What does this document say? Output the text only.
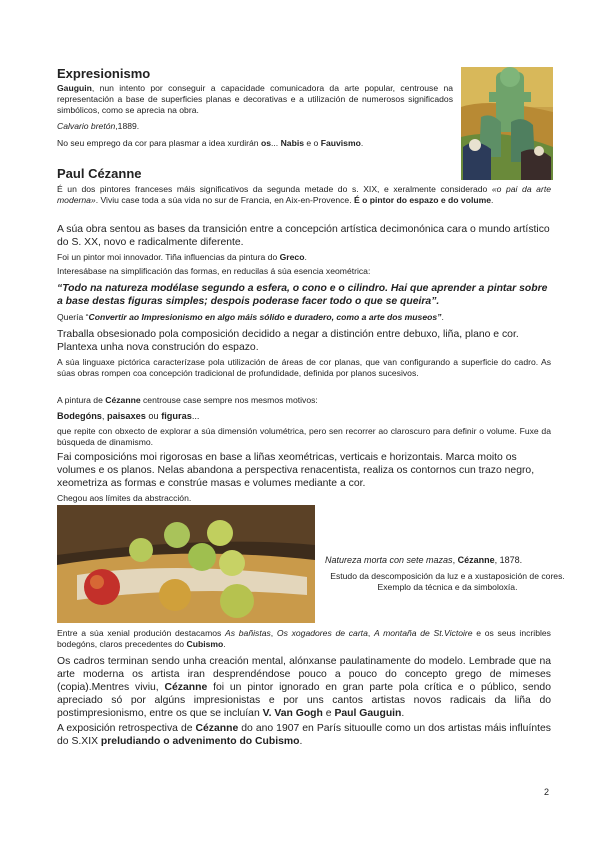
Expresionismo

Gauguin, nun intento por conseguir a capacidade comunicadora da arte popular, centrouse na representación a base de superficies planas e decorativas e a utilización de numerosos significados simbólicos, como se aprecia na obra.

Calvario bretón,1889.

No seu emprego da cor para plasmar a idea xurdirán os... Nabis e o Fauvismo.

Paul Cézanne

É un dos pintores franceses máis significativos da segunda metade do s. XIX, e xeralmente considerado «o pai da arte moderna». Viviu case toda a súa vida no sur de Francia, en Aix-en-Provence. É o pintor do espazo e do volume.

A súa obra sentou as bases da transición entre a concepción artística decimonónica cara o mundo artístico do S. XX, novo e radicalmente diferente.

Foi un pintor moi innovador. Tiña influencias da pintura do Greco.

Interesábase na simplificación das formas, en reducilas á súa esencia xeométrica:

“Todo na natureza modélase segundo a esfera, o cono e o cilindro. Hai que aprender a pintar sobre a base destas figuras simples; despois poderase facer todo o que se queira”.

Quería “Convertir ao Impresionismo en algo máis sólido e duradero, como a arte dos museos”.

Traballa obsesionado pola composición decidido a negar a distinción entre debuxo, liña, plano e cor. Plantexa unha nova construción do espazo.

A súa linguaxe pictórica caracterízase pola utilización de áreas de cor planas, que van configurando a superficie do cadro. As súas obras rompen coa concepción tradicional de profundidade, definida por planos sucesivos.

A pintura de Cézanne centrouse case sempre nos mesmos motivos:

Bodegóns, paisaxes ou figuras...

que repite con obxecto de explorar a súa dimensión volumétrica, pero sen recorrer ao claroscuro para definir o volume. Fuxe da búsqueda de dinamismo.

Fai composicións moi rigorosas en base a liñas xeométricas, verticais e horizontais. Marca moito os volumes e os planos. Nelas abandona a perspectiva renacentista, realiza os contornos cun trazo negro, xeometriza as formas e constrúe masas e volumes mediante a cor.

Chegou aos límites da abstracción.

Natureza morta con sete mazas, Cézanne, 1878.

Estudo da descomposición da luz e a xustaposición de cores. Exemplo da técnica e da simboloxía.

Entre a súa xenial produción destacamos As bañistas, Os xogadores de carta, A montaña de St.Victoire e os seus incribles bodegóns, claros precedentes do Cubismo.

Os cadros terminan sendo unha creación mental, alónxanse paulatinamente do modelo. Lembrade que na arte moderna os artista iran desprendéndose pouco a pouco do concepto grego de mimeses (copia).Mentres viviu, Cézanne foi un pintor ignorado en gran parte pola crítica e o público, sendo apreciado só por algúns impresionistas e por uns cantos artistas novos radicais da liña do postimpresionismo, entre os que se incluían V. Van Gogh e Paul Gauguin.

A exposición retrospectiva de Cézanne do ano 1907 en París situoulle como un dos artistas máis influíntes do S.XIX preludiando o advenimento do Cubismo.

2
